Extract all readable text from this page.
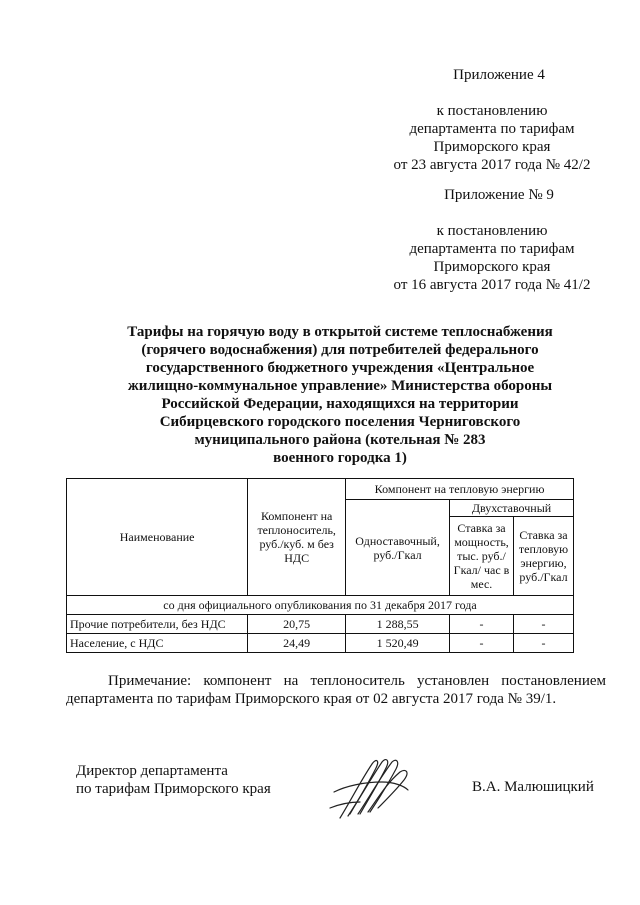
Приложение 4
к постановлению
департамента по тарифам
Приморского края
от 23 августа 2017 года № 42/2
Приложение № 9
к постановлению
департамента по тарифам
Приморского края
от 16 августа 2017 года № 41/2
Тарифы на горячую воду в открытой системе теплоснабжения
(горячего водоснабжения) для потребителей федерального
государственного бюджетного учреждения «Центральное
жилищно-коммунальное управление» Министерства обороны
Российской Федерации, находящихся на территории
Сибирцевского городского поселения Черниговского
муниципального района (котельная № 283
военного городка 1)
Наименование	Компонент на теплоноситель, руб./куб. м без НДС	Компонент на тепловую энергию		
		Одноставочный, руб./Гкал	Двухставочный	
			Ставка за мощность, тыс. руб./Гкал/ час в мес.	Ставка за тепловую энергию, руб./Гкал
со дня официального опубликования по 31 декабря 2017 года				
Прочие потребители, без НДС	20,75	1 288,55	-	-
Население, с НДС	24,49	1 520,49	-	-
Примечание: компонент на теплоноситель установлен постановлением департамента по тарифам Приморского края от 02 августа 2017 года № 39/1.
Директор департамента
по тарифам Приморского края	В.А. Малюшицкий
